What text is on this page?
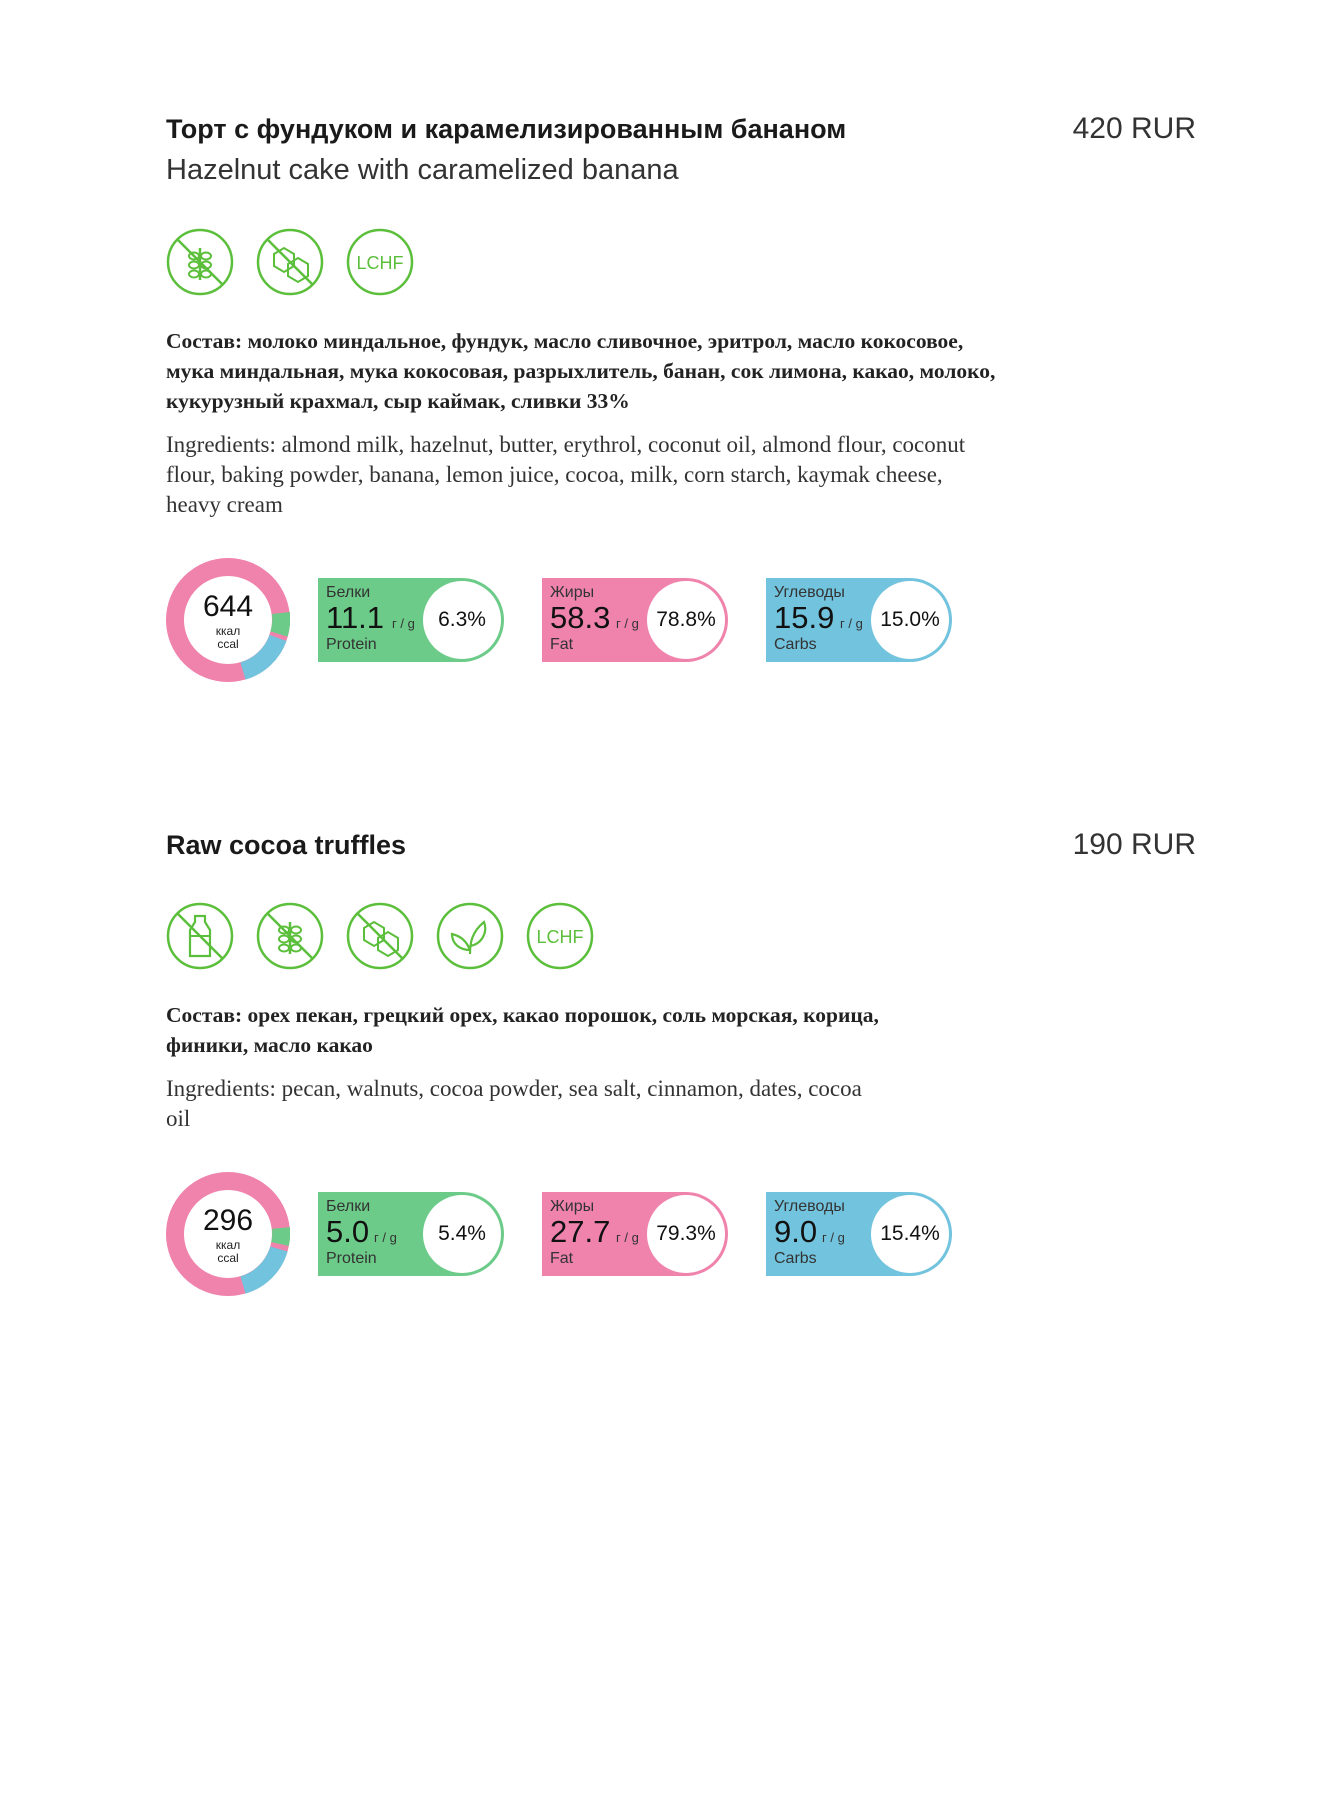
Торт с фундуком и карамелизированным бананом
Hazelnut cake with caramelized banana
420 RUR
LCHF
Состав: молоко миндальное, фундук, масло сливочное, эритрол, масло кокосовое, мука миндальная, мука кокосовая, разрыхлитель, банан, сок лимона, какао, молоко, кукурузный крахмал, сыр каймак, сливки 33%
Ingredients: almond milk, hazelnut, butter, erythrol, coconut oil, almond flour, coconut flour, baking powder, banana, lemon juice, cocoa, milk, corn starch, kaymak cheese, heavy cream
644
ккал
ccal
Белки
11.1 г / g
Protein
6.3%
Жиры
58.3 г / g
Fat
78.8%
Углеводы
15.9 г / g
Carbs
15.0%
Raw cocoa truffles	190 RUR
LCHF
Состав: орех пекан, грецкий орех, какао порошок, соль морская, корица, финики, масло какао
Ingredients: pecan, walnuts, cocoa powder, sea salt, cinnamon, dates, cocoa oil
296
ккал
ccal
Белки
5.0 г / g
Protein
5.4%
Жиры
27.7 г / g
Fat
79.3%
Углеводы
9.0 г / g
Carbs
15.4%
